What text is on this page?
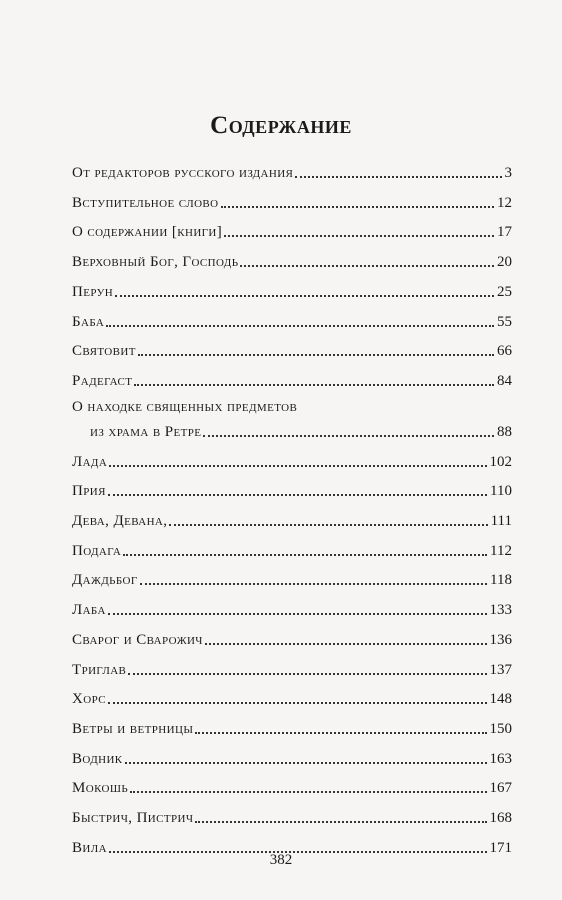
Содержание
От редакторов русского издания	3
Вступительное слово	12
О содержании [книги]	17
Верховный Бог, Господь	20
Перун	25
Баба	55
Святовит	66
Радегаст	84
О находке священных предметов
из храма в Ретре	88
Лада	102
Прия	110
Дева, Девана,	111
Подага	112
Даждьбог	118
Лаба	133
Сварог и Сварожич	136
Триглав	137
Хорс	148
Ветры и ветрницы	150
Водник	163
Мокошь	167
Быстрич, Пистрич	168
Вила	171
382
